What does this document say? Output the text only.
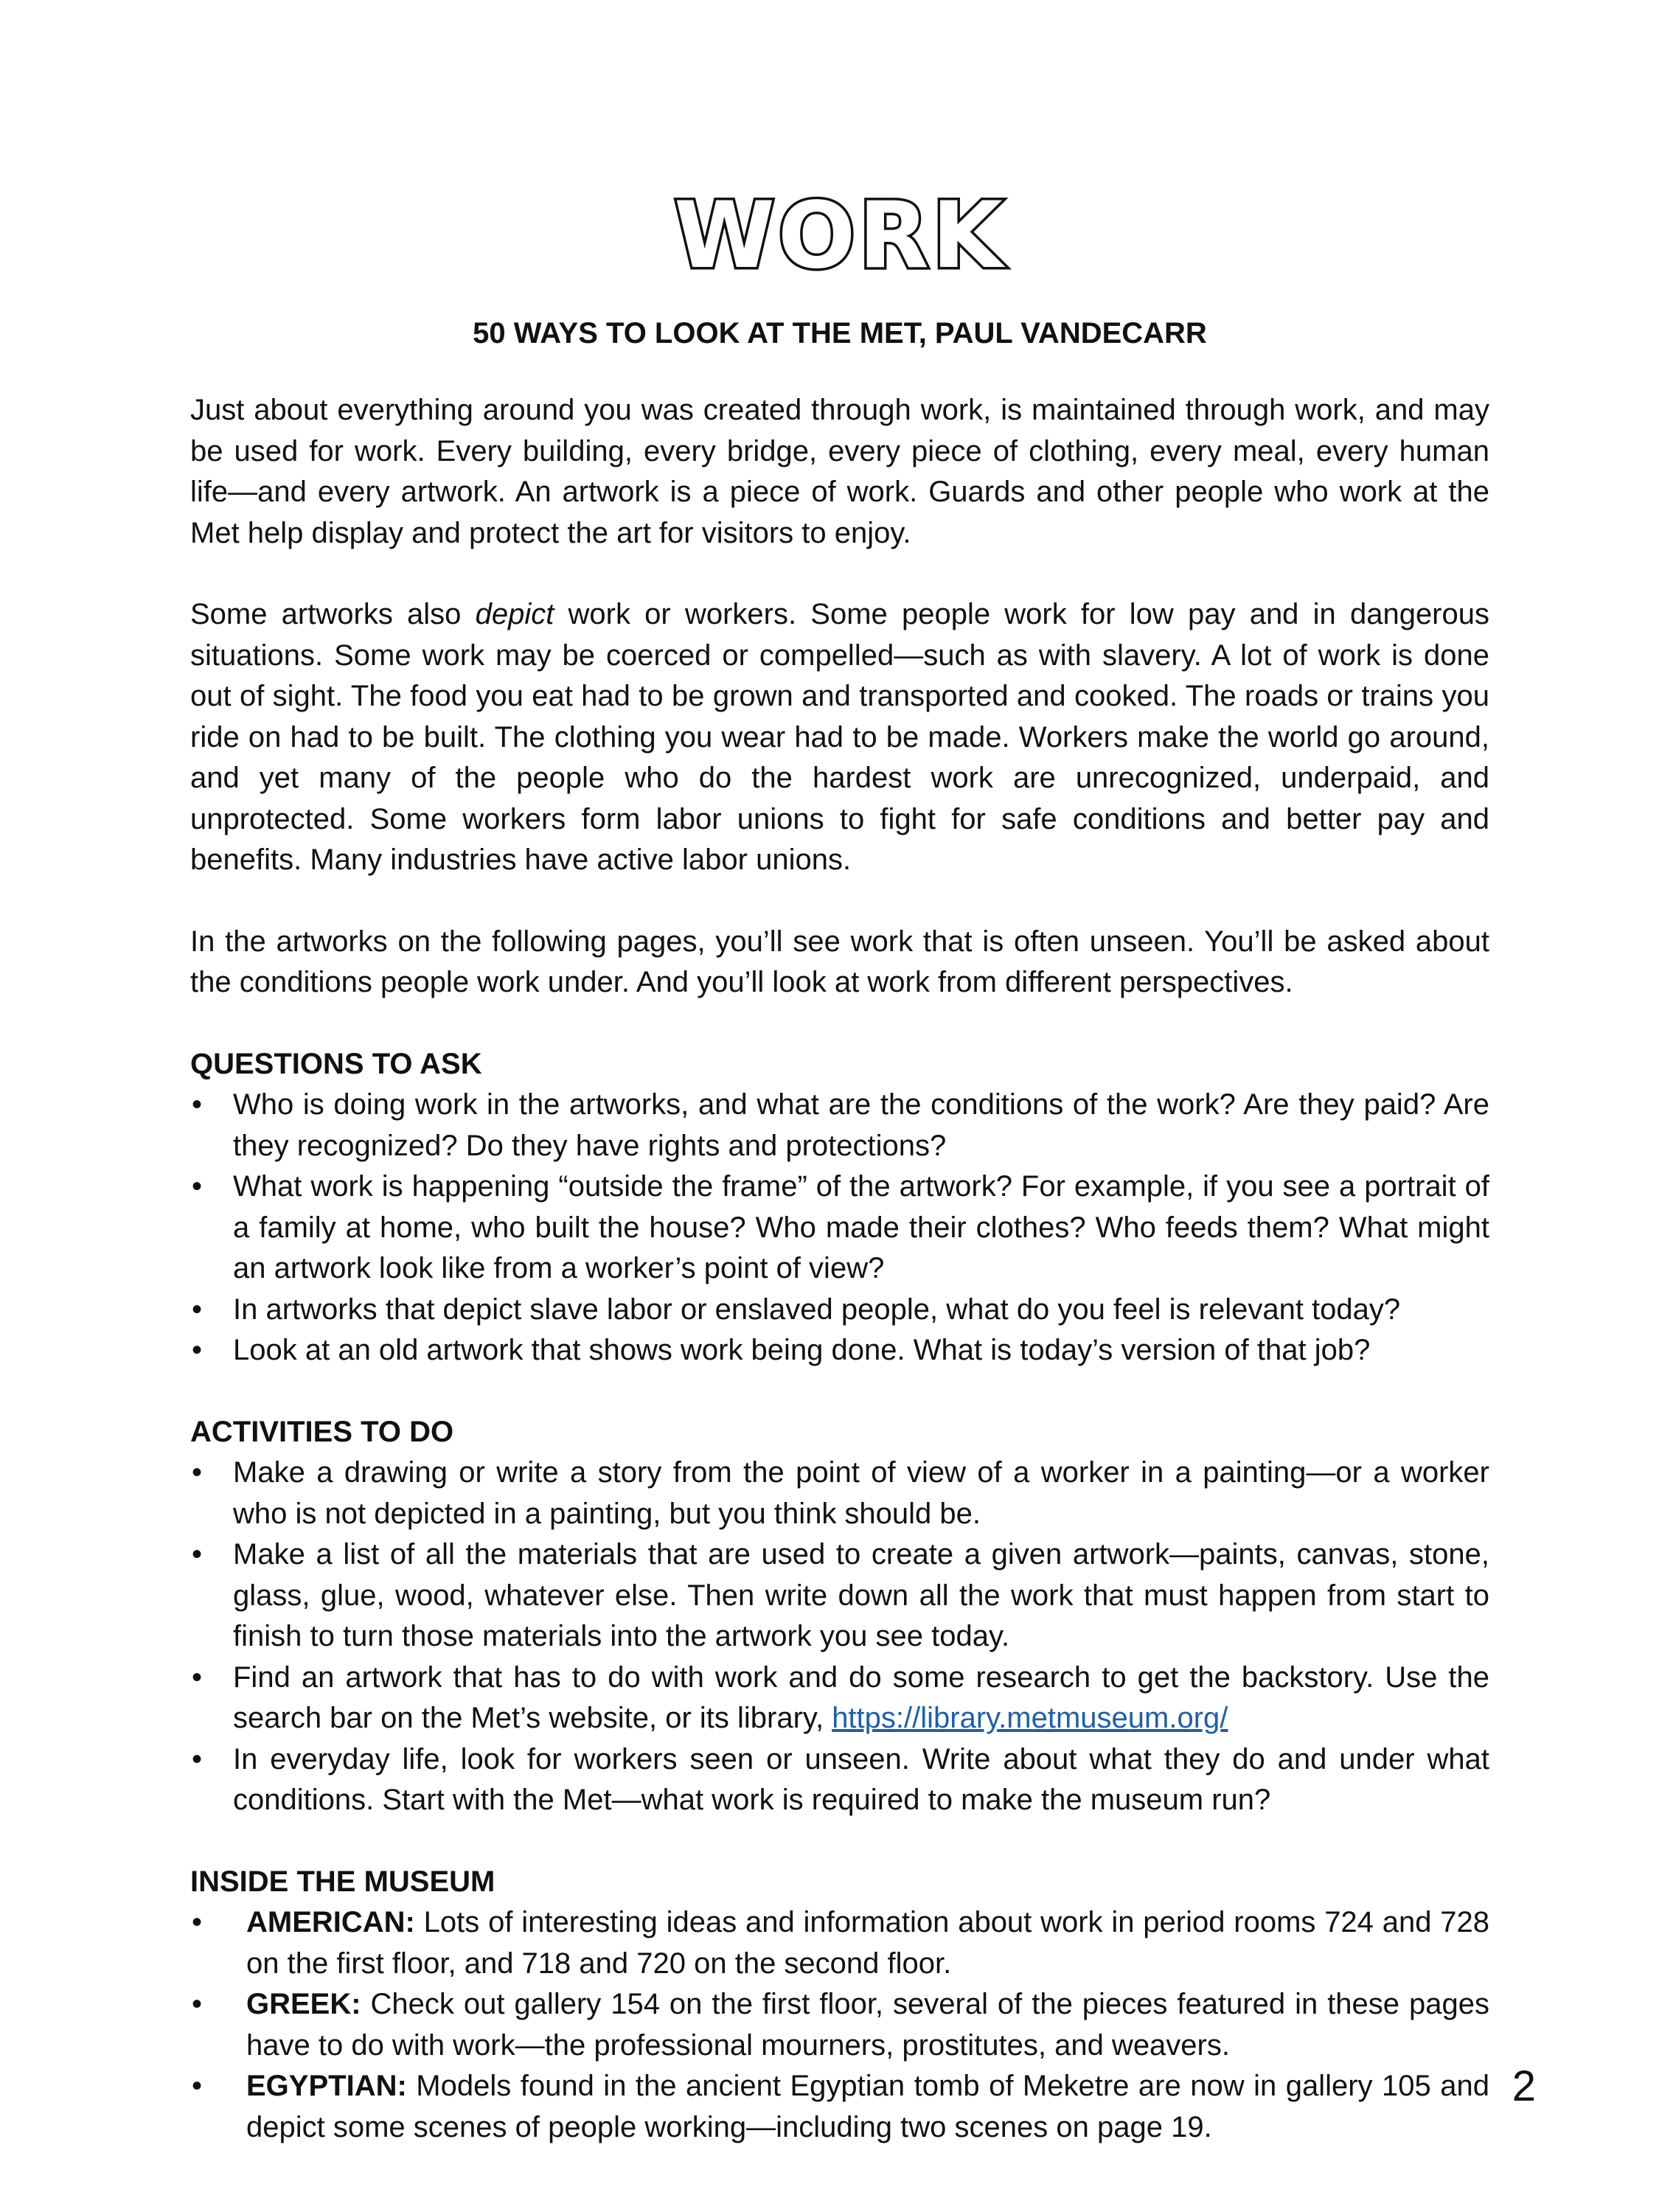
WORK
50 WAYS TO LOOK AT THE MET, PAUL VANDECARR

Just about everything around you was created through work, is maintained through work, and may be used for work. Every building, every bridge, every piece of clothing, every meal, every human life—and every artwork. An artwork is a piece of work. Guards and other people who work at the Met help display and protect the art for visitors to enjoy.

Some artworks also depict work or workers. Some people work for low pay and in dangerous situations. Some work may be coerced or compelled—such as with slavery. A lot of work is done out of sight. The food you eat had to be grown and transported and cooked. The roads or trains you ride on had to be built. The clothing you wear had to be made. Workers make the world go around, and yet many of the people who do the hardest work are unrecognized, underpaid, and unprotected. Some workers form labor unions to fight for safe conditions and better pay and benefits. Many industries have active labor unions.

In the artworks on the following pages, you’ll see work that is often unseen. You’ll be asked about the conditions people work under. And you’ll look at work from different perspectives.

QUESTIONS TO ASK
• Who is doing work in the artworks, and what are the conditions of the work? Are they paid? Are they recognized? Do they have rights and protections?
• What work is happening “outside the frame” of the artwork? For example, if you see a portrait of a family at home, who built the house? Who made their clothes? Who feeds them? What might an artwork look like from a worker’s point of view?
• In artworks that depict slave labor or enslaved people, what do you feel is relevant today?
• Look at an old artwork that shows work being done. What is today’s version of that job?
ACTIVITIES TO DO
• Make a drawing or write a story from the point of view of a worker in a painting—or a worker who is not depicted in a painting, but you think should be.
• Make a list of all the materials that are used to create a given artwork—paints, canvas, stone, glass, glue, wood, whatever else. Then write down all the work that must happen from start to finish to turn those materials into the artwork you see today.
• Find an artwork that has to do with work and do some research to get the backstory. Use the search bar on the Met’s website, or its library, https://library.metmuseum.org/
• In everyday life, look for workers seen or unseen. Write about what they do and under what conditions. Start with the Met—what work is required to make the museum run?
INSIDE THE MUSEUM
• AMERICAN: Lots of interesting ideas and information about work in period rooms 724 and 728 on the first floor, and 718 and 720 on the second floor.
• GREEK: Check out gallery 154 on the first floor, several of the pieces featured in these pages have to do with work—the professional mourners, prostitutes, and weavers.
• EGYPTIAN: Models found in the ancient Egyptian tomb of Meketre are now in gallery 105 and depict some scenes of people working—including two scenes on page 19.
2
